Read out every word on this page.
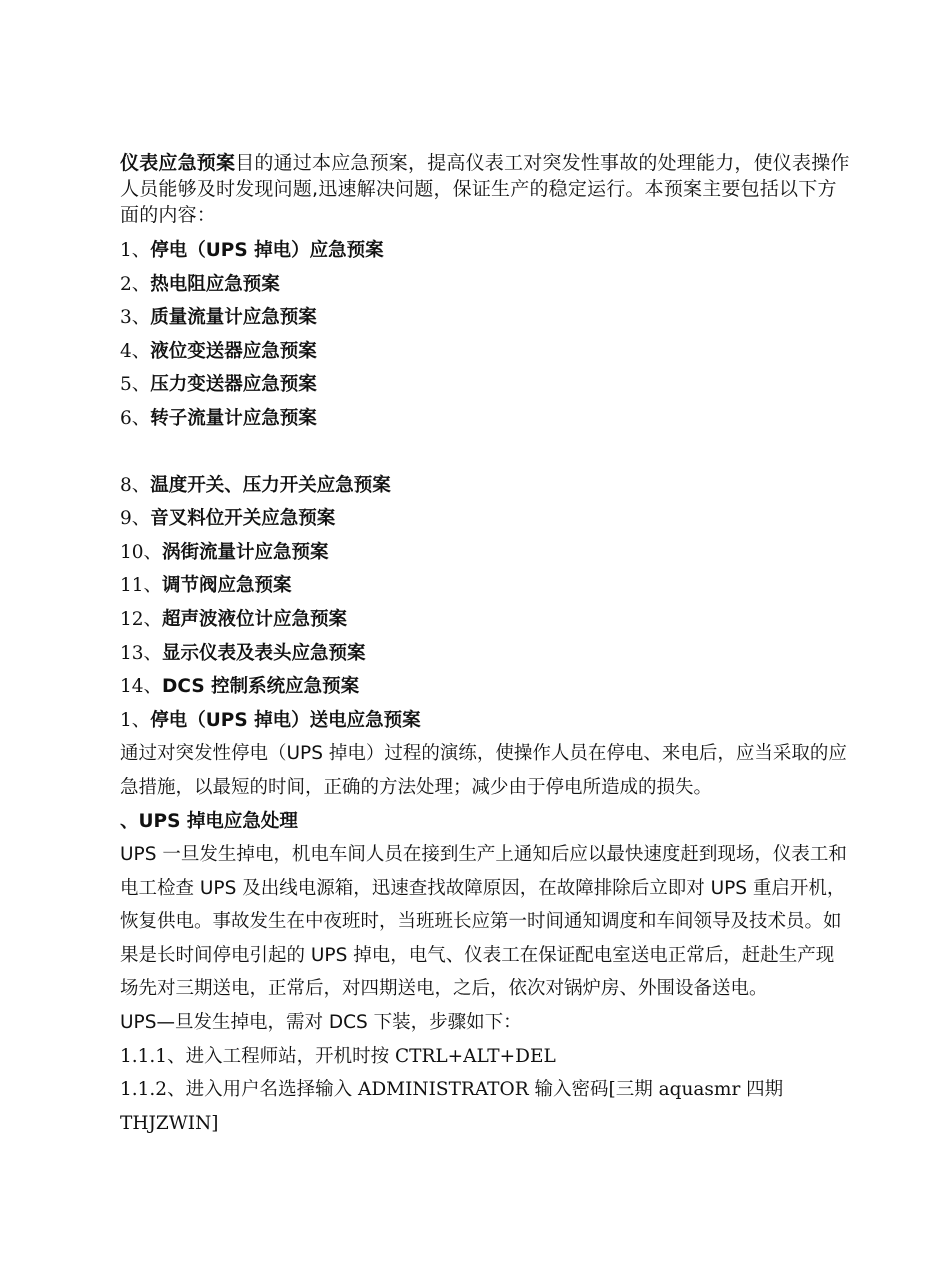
仪表应急预案目的通过本应急预案，提高仪表工对突发性事故的处理能力，使仪表操作人员能够及时发现问题,迅速解决问题，保证生产的稳定运行。本预案主要包括以下方面的内容：

1、停电（UPS 掉电）应急预案

2、热电阻应急预案

3、质量流量计应急预案

4、液位变送器应急预案

5、压力变送器应急预案

6、转子流量计应急预案

8、温度开关、压力开关应急预案

9、音叉料位开关应急预案

10、涡街流量计应急预案

11、调节阀应急预案

12、超声波液位计应急预案

13、显示仪表及表头应急预案

14、DCS 控制系统应急预案

1、停电（UPS 掉电）送电应急预案

通过对突发性停电（UPS 掉电）过程的演练，使操作人员在停电、来电后，应当采取的应急措施，以最短的时间，正确的方法处理；减少由于停电所造成的损失。

、UPS 掉电应急处理

UPS 一旦发生掉电，机电车间人员在接到生产上通知后应以最快速度赶到现场，仪表工和电工检查 UPS 及出线电源箱，迅速查找故障原因，在故障排除后立即对 UPS 重启开机，恢复供电。事故发生在中夜班时，当班班长应第一时间通知调度和车间领导及技术员。如果是长时间停电引起的 UPS 掉电，电气、仪表工在保证配电室送电正常后，赶赴生产现场先对三期送电，正常后，对四期送电，之后，依次对锅炉房、外围设备送电。

UPS—旦发生掉电，需对 DCS 下装，步骤如下：

1.1.1、进入工程师站，开机时按 CTRL+ALT+DEL

1.1.2、进入用户名选择输入 ADMINISTRATOR 输入密码[三期 aquasmr 四期 THJZWIN]
